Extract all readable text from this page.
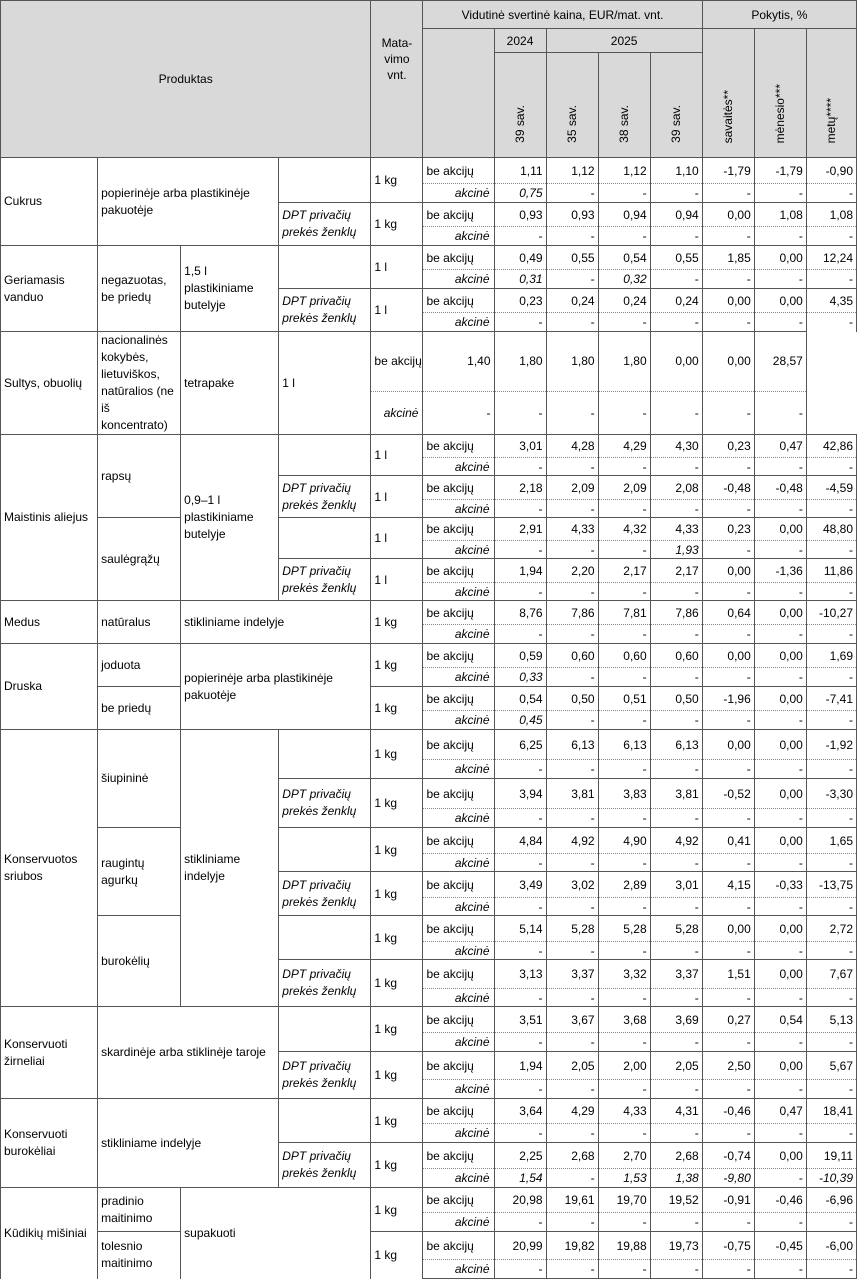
Produktas				Mata-vimo vnt.	Vidutinė svertinė kaina, EUR/mat. vnt.					Pokytis, %		
						2024	2025			savaitės**	mėnesio***	metų****
						39 sav.	35 sav.	38 sav.	39 sav.			
Cukrus	popierinėje arba plastikinėje pakuotėje			1 kg	be akcijų	1,11	1,12	1,12	1,10	-1,79	-1,79	-0,90
					akcinė	0,75	-	-	-	-	-	-
			DPT privačių prekės ženklų	1 kg	be akcijų	0,93	0,93	0,94	0,94	0,00	1,08	1,08
					akcinė	-	-	-	-	-	-	-
Geriamasis vanduo	negazuotas, be priedų	1,5 l plastikiniame butelyje		1 l	be akcijų	0,49	0,55	0,54	0,55	1,85	0,00	12,24
					akcinė	0,31	-	0,32	-	-	-	-
			DPT privačių prekės ženklų	1 l	be akcijų	0,23	0,24	0,24	0,24	0,00	0,00	4,35
					akcinė	-	-	-	-	-	-	-
Sultys, obuolių	nacionalinės kokybės, lietuviškos, natūralios (ne iš koncentrato)	tetrapake	1 l	be akcijų	1,40	1,80	1,80	1,80	0,00	0,00	28,57	
				akcinė	-	-	-	-	-	-	-	
Maistinis aliejus	rapsų	0,9–1 l plastikiniame butelyje		1 l	be akcijų	3,01	4,28	4,29	4,30	0,23	0,47	42,86
					akcinė	-	-	-	-	-	-	-
			DPT privačių prekės ženklų	1 l	be akcijų	2,18	2,09	2,09	2,08	-0,48	-0,48	-4,59
					akcinė	-	-	-	-	-	-	-
	saulėgrąžų			1 l	be akcijų	2,91	4,33	4,32	4,33	0,23	0,00	48,80
					akcinė	-	-	-	1,93	-	-	-
			DPT privačių prekės ženklų	1 l	be akcijų	1,94	2,20	2,17	2,17	0,00	-1,36	11,86
					akcinė	-	-	-	-	-	-	-
Medus	natūralus	stikliniame indelyje		1 kg	be akcijų	8,76	7,86	7,81	7,86	0,64	0,00	-10,27
					akcinė	-	-	-	-	-	-	-
Druska	joduota	popierinėje arba plastikinėje pakuotėje		1 kg	be akcijų	0,59	0,60	0,60	0,60	0,00	0,00	1,69
					akcinė	0,33	-	-	-	-	-	-
	be priedų			1 kg	be akcijų	0,54	0,50	0,51	0,50	-1,96	0,00	-7,41
					akcinė	0,45	-	-	-	-	-	-
Konservuotos sriubos	šiupininė	stikliniame indelyje		1 kg	be akcijų	6,25	6,13	6,13	6,13	0,00	0,00	-1,92
					akcinė	-	-	-	-	-	-	-
			DPT privačių prekės ženklų	1 kg	be akcijų	3,94	3,81	3,83	3,81	-0,52	0,00	-3,30
					akcinė	-	-	-	-	-	-	-
	raugintų agurkų			1 kg	be akcijų	4,84	4,92	4,90	4,92	0,41	0,00	1,65
					akcinė	-	-	-	-	-	-	-
			DPT privačių prekės ženklų	1 kg	be akcijų	3,49	3,02	2,89	3,01	4,15	-0,33	-13,75
					akcinė	-	-	-	-	-	-	-
	burokėlių			1 kg	be akcijų	5,14	5,28	5,28	5,28	0,00	0,00	2,72
					akcinė	-	-	-	-	-	-	-
			DPT privačių prekės ženklų	1 kg	be akcijų	3,13	3,37	3,32	3,37	1,51	0,00	7,67
					akcinė	-	-	-	-	-	-	-
Konservuoti žirneliai	skardinėje arba stiklinėje taroje			1 kg	be akcijų	3,51	3,67	3,68	3,69	0,27	0,54	5,13
					akcinė	-	-	-	-	-	-	-
			DPT privačių prekės ženklų	1 kg	be akcijų	1,94	2,05	2,00	2,05	2,50	0,00	5,67
					akcinė	-	-	-	-	-	-	-
Konservuoti burokėliai	stikliniame indelyje			1 kg	be akcijų	3,64	4,29	4,33	4,31	-0,46	0,47	18,41
					akcinė	-	-	-	-	-	-	-
			DPT privačių prekės ženklų	1 kg	be akcijų	2,25	2,68	2,70	2,68	-0,74	0,00	19,11
					akcinė	1,54	-	1,53	1,38	-9,80	-	-10,39
Kūdikių mišiniai	pradinio maitinimo	supakuoti		1 kg	be akcijų	20,98	19,61	19,70	19,52	-0,91	-0,46	-6,96
					akcinė	-	-	-	-	-	-	-
	tolesnio maitinimo			1 kg	be akcijų	20,99	19,82	19,88	19,73	-0,75	-0,45	-6,00
					akcinė	-	-	-	-	-	-	-
